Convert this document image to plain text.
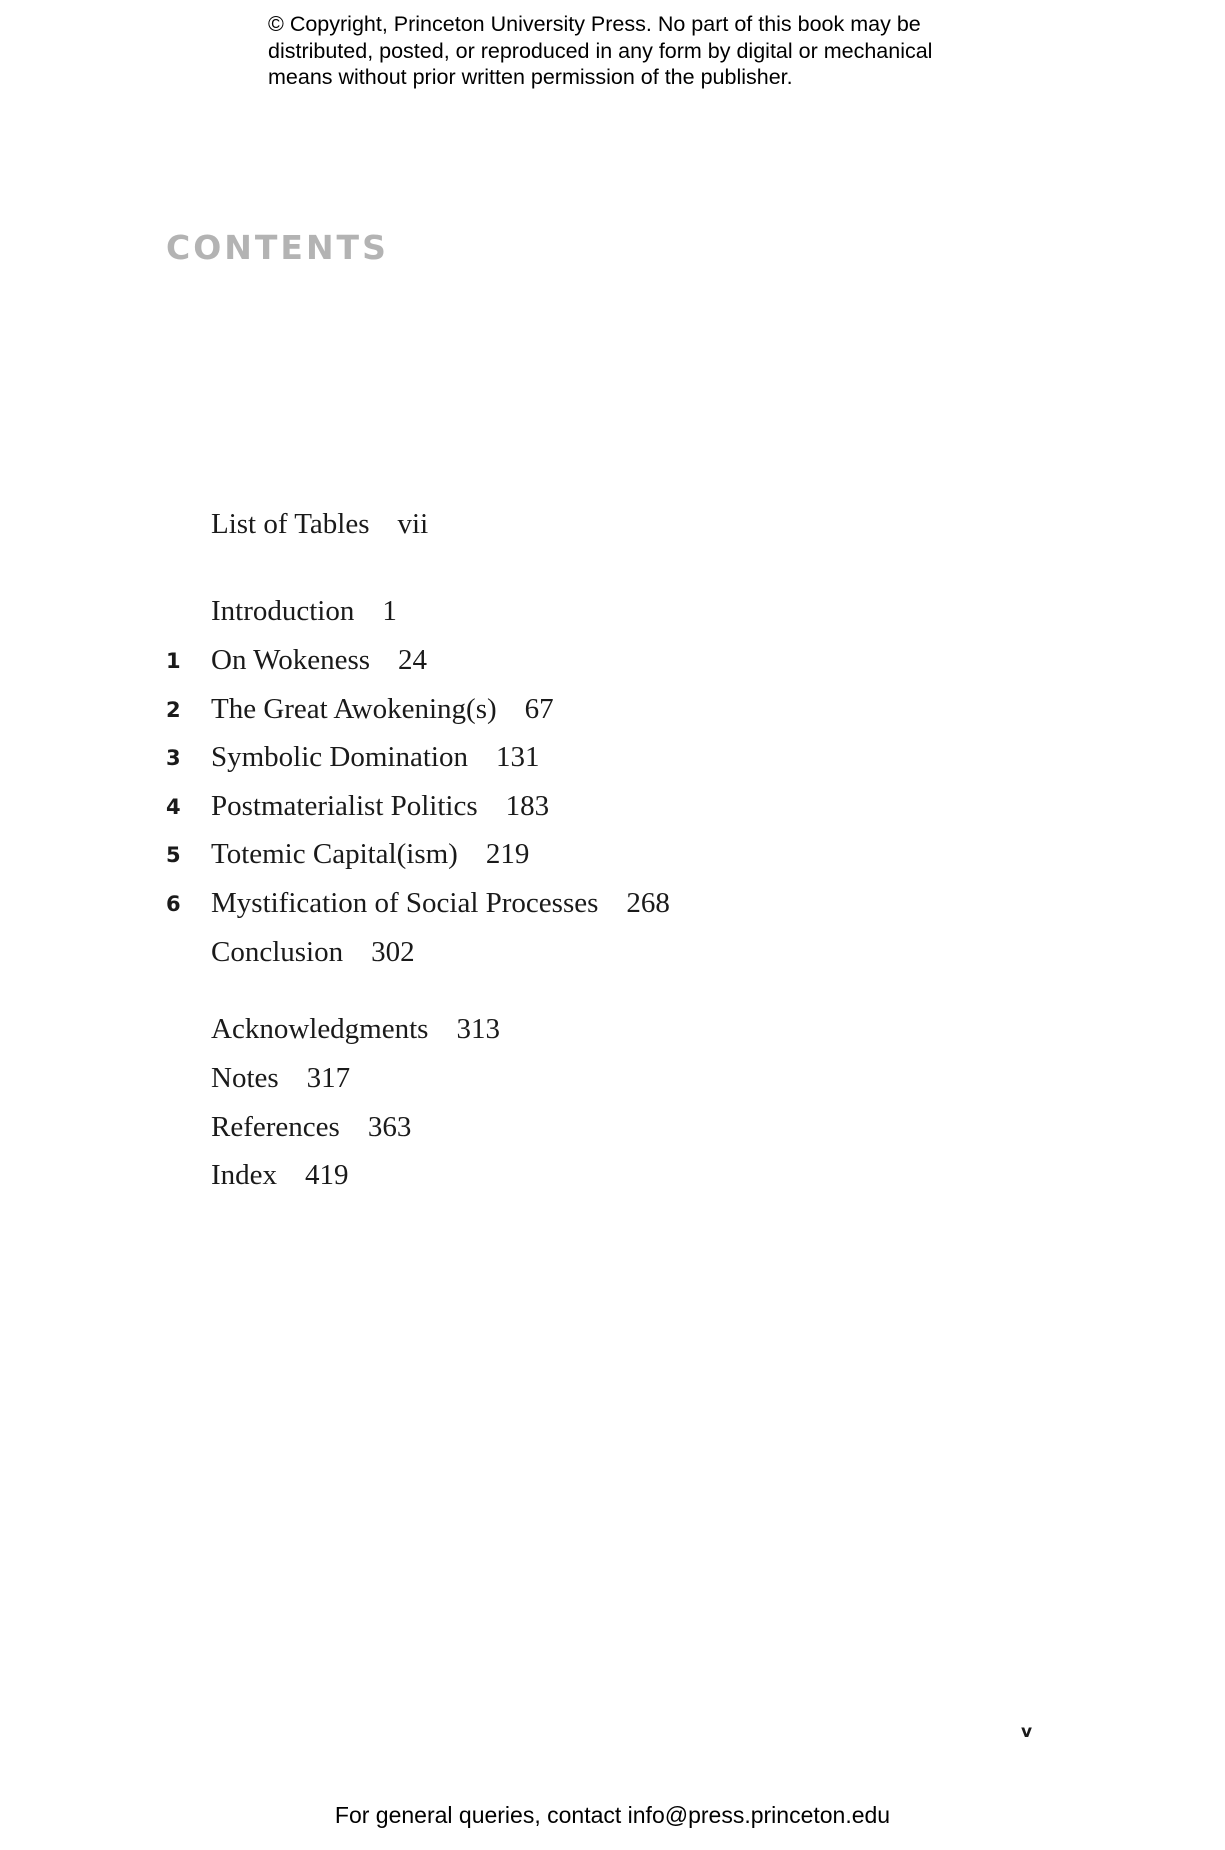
© Copyright, Princeton University Press. No part of this book may be
distributed, posted, or reproduced in any form by digital or mechanical
means without prior written permission of the publisher.
CONTENTS
List of Tables vii
Introduction 1
1 On Wokeness 24
2 The Great Awokening(s) 67
3 Symbolic Domination 131
4 Postmaterialist Politics 183
5 Totemic Capital(ism) 219
6 Mystification of Social Processes 268
Conclusion 302
Acknowledgments 313
Notes 317
References 363
Index 419
v
For general queries, contact info@press.princeton.edu
